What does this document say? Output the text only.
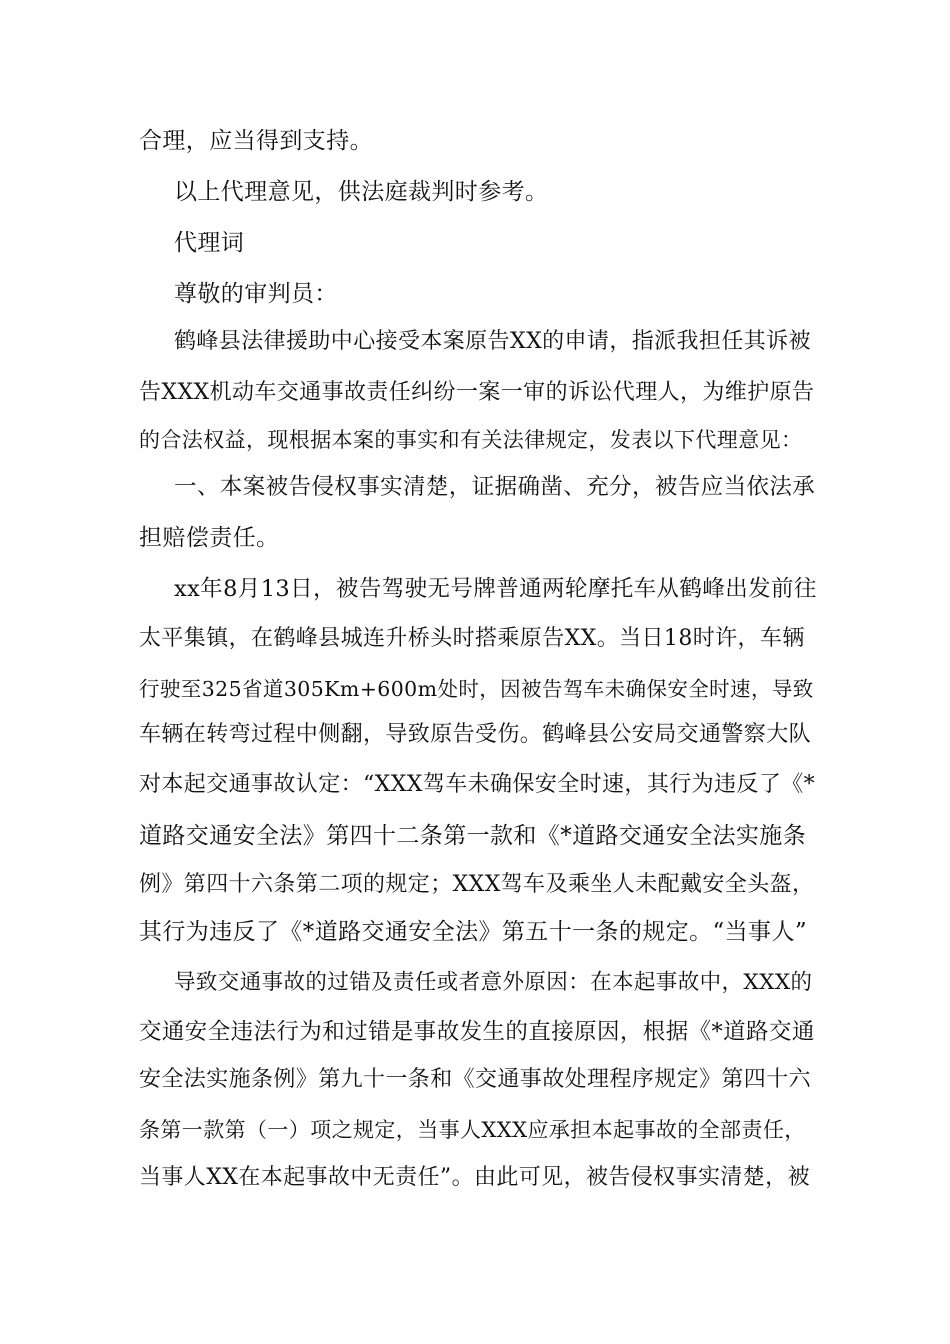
合理，应当得到支持。
以上代理意见，供法庭裁判时参考。
代理词
尊敬的审判员：
鹤峰县法律援助中心接受本案原告XX的申请，指派我担任其诉被
告XXX机动车交通事故责任纠纷一案一审的诉讼代理人，为维护原告
的合法权益，现根据本案的事实和有关法律规定，发表以下代理意见：
一、本案被告侵权事实清楚，证据确凿、充分，被告应当依法承
担赔偿责任。
xx年8月13日，被告驾驶无号牌普通两轮摩托车从鹤峰出发前往
太平集镇，在鹤峰县城连升桥头时搭乘原告XX。当日18时许，车辆
行驶至325省道305Km+600m处时，因被告驾车未确保安全时速，导致
车辆在转弯过程中侧翻，导致原告受伤。鹤峰县公安局交通警察大队
对本起交通事故认定：“XXX驾车未确保安全时速，其行为违反了《*
道路交通安全法》第四十二条第一款和《*道路交通安全法实施条
例》第四十六条第二项的规定；XXX驾车及乘坐人未配戴安全头盔，
其行为违反了《*道路交通安全法》第五十一条的规定。“当事人”
导致交通事故的过错及责任或者意外原因：在本起事故中，XXX的
交通安全违法行为和过错是事故发生的直接原因，根据《*道路交通
安全法实施条例》第九十一条和《交通事故处理程序规定》第四十六
条第一款第（一）项之规定，当事人XXX应承担本起事故的全部责任，
当事人XX在本起事故中无责任”。由此可见，被告侵权事实清楚，被
